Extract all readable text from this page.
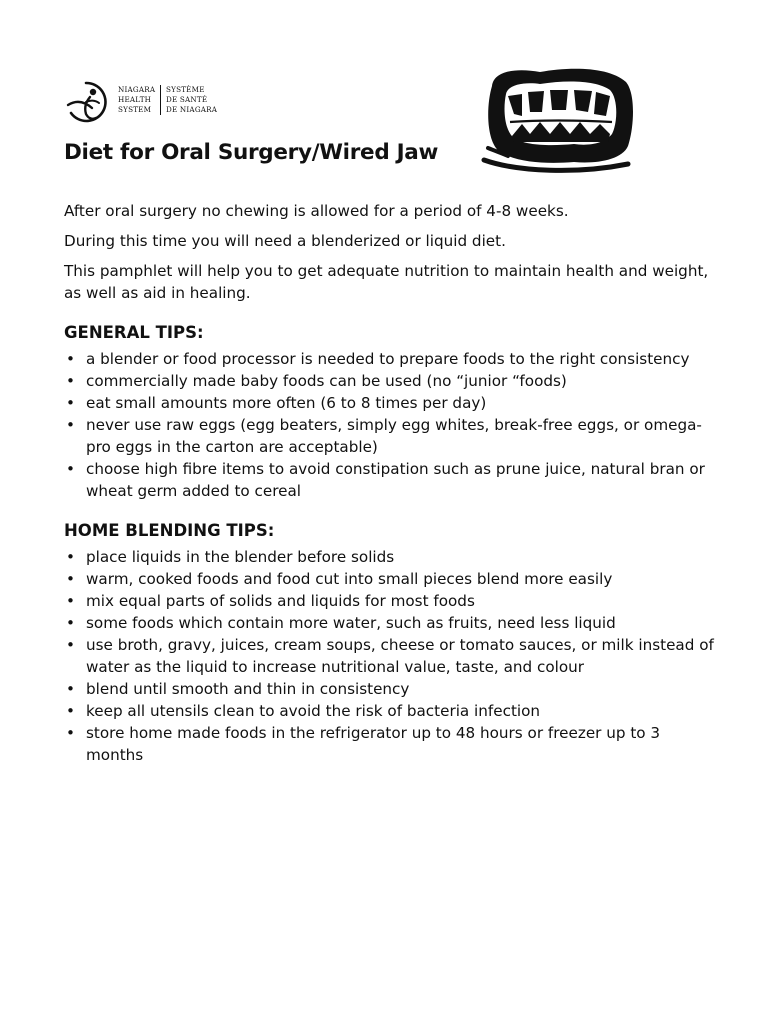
NIAGARA
HEALTH
SYSTEM
SYSTÈME
DE SANTÉ
DE NIAGARA
Diet for Oral Surgery/Wired Jaw

After oral surgery no chewing is allowed for a period of 4-8 weeks.

During this time you will need a blenderized or liquid diet.

This pamphlet will help you to get adequate nutrition to maintain health and weight, as well as aid in healing.

GENERAL TIPS:
• a blender or food processor is needed to prepare foods to the right consistency
• commercially made baby foods can be used (no “junior “foods)
• eat small amounts more often (6 to 8 times per day)
• never use raw eggs (egg beaters, simply egg whites, break-free eggs, or omega-pro eggs in the carton are acceptable)
• choose high fibre items to avoid constipation such as prune juice, natural bran or wheat germ added to cereal
HOME BLENDING TIPS:
• place liquids in the blender before solids
• warm, cooked foods and food cut into small pieces blend more easily
• mix equal parts of solids and liquids for most foods
• some foods which contain more water, such as fruits, need less liquid
• use broth, gravy, juices, cream soups, cheese or tomato sauces, or milk instead of water as the liquid to increase nutritional value, taste, and colour
• blend until smooth and thin in consistency
• keep all utensils clean to avoid the risk of bacteria infection
• store home made foods in the refrigerator up to 48 hours or freezer up to 3 months
